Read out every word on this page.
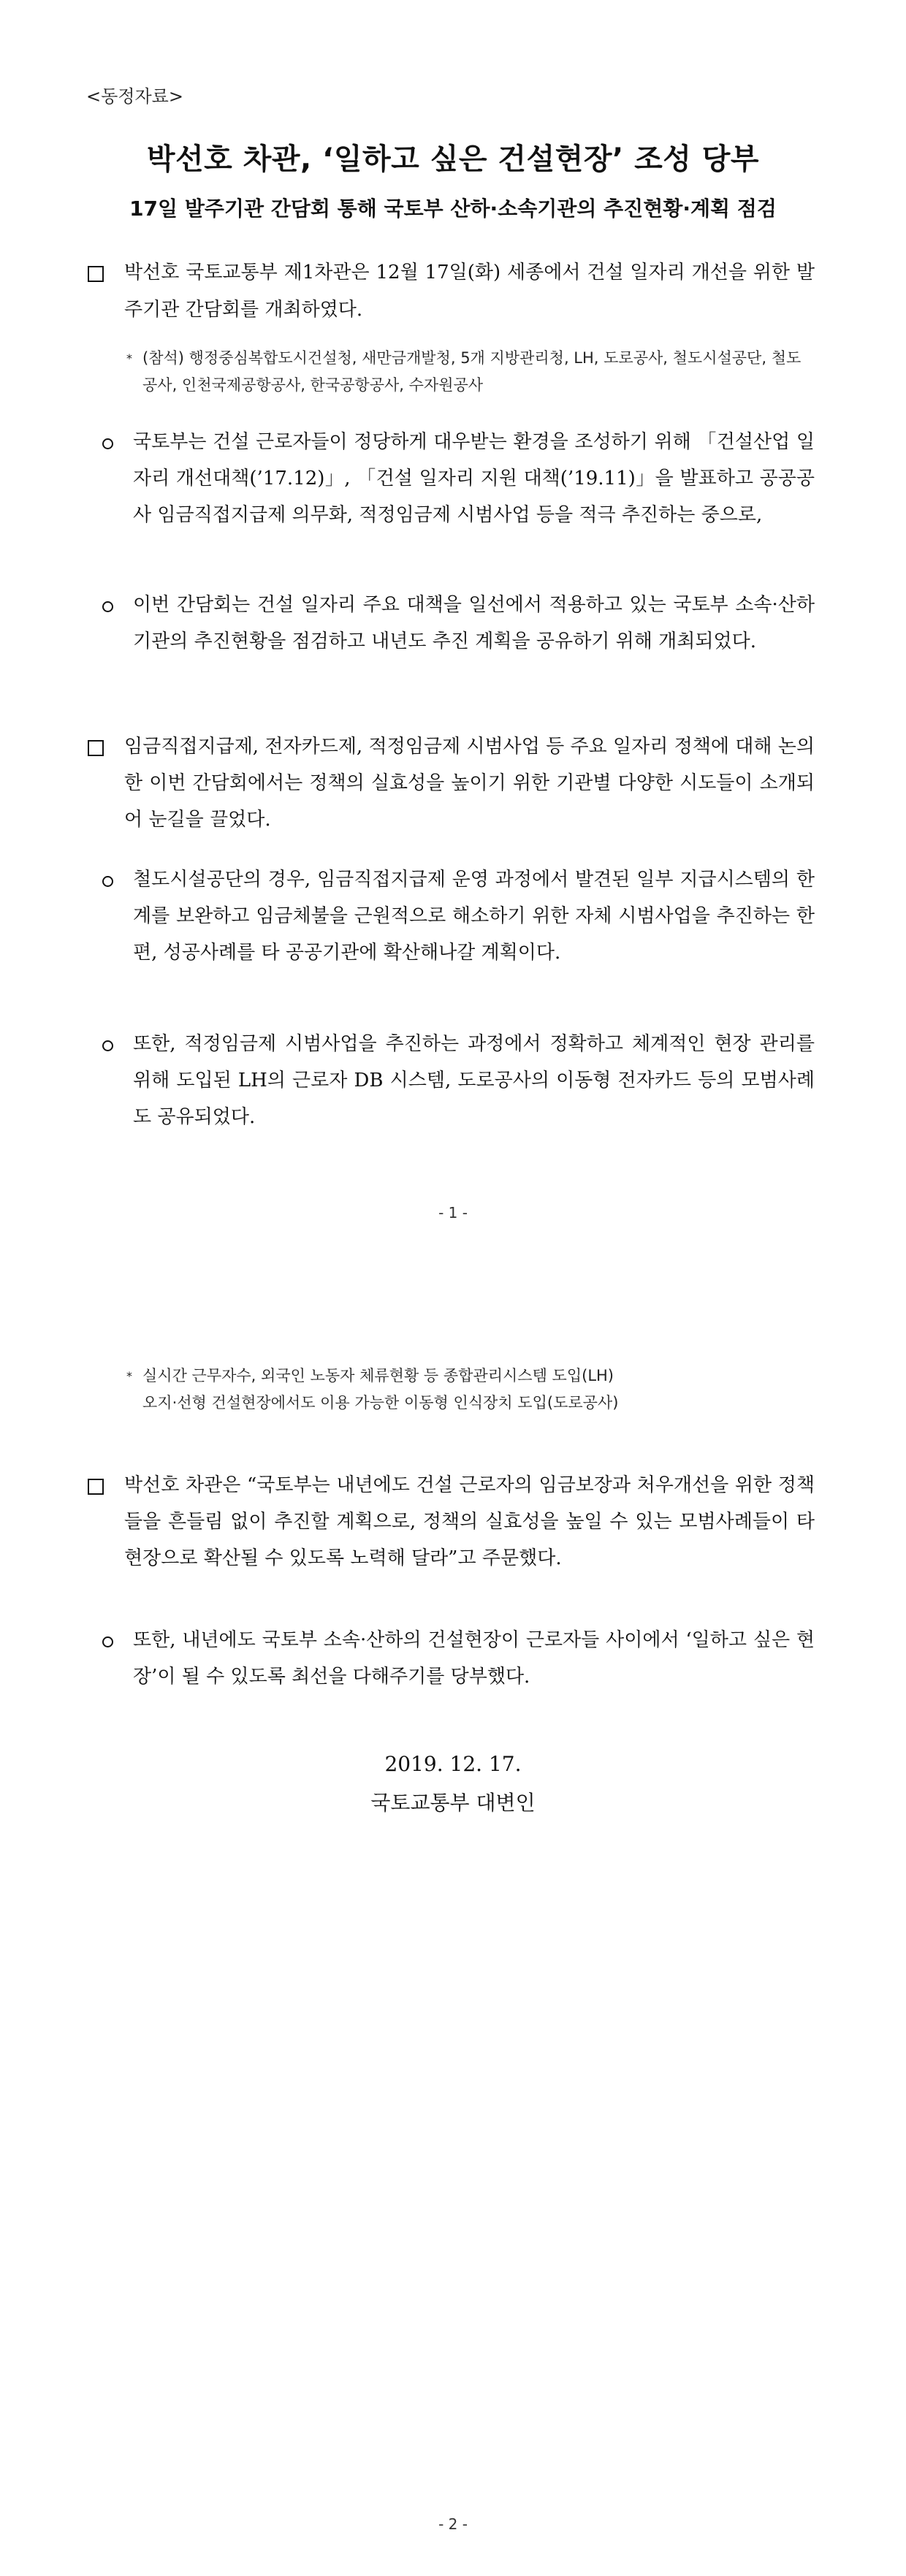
<동정자료>
박선호 차관, ‘일하고 싶은 건설현장’ 조성 당부
17일 발주기관 간담회 통해 국토부 산하·소속기관의 추진현황·계획 점검

박선호 국토교통부 제1차관은 12월 17일(화) 세종에서 건설 일자리 개선을 위한 발주기관 간담회를 개최하였다.

* (참석) 행정중심복합도시건설청, 새만금개발청, 5개 지방관리청, LH, 도로공사, 철도시설공단, 철도공사, 인천국제공항공사, 한국공항공사, 수자원공사

국토부는 건설 근로자들이 정당하게 대우받는 환경을 조성하기 위해 「건설산업 일자리 개선대책(’17.12)」, 「건설 일자리 지원 대책(’19.11)」을 발표하고 공공공사 임금직접지급제 의무화, 적정임금제 시범사업 등을 적극 추진하는 중으로,

이번 간담회는 건설 일자리 주요 대책을 일선에서 적용하고 있는 국토부 소속·산하기관의 추진현황을 점검하고 내년도 추진 계획을 공유하기 위해 개최되었다.

임금직접지급제, 전자카드제, 적정임금제 시범사업 등 주요 일자리 정책에 대해 논의한 이번 간담회에서는 정책의 실효성을 높이기 위한 기관별 다양한 시도들이 소개되어 눈길을 끌었다.

철도시설공단의 경우, 임금직접지급제 운영 과정에서 발견된 일부 지급시스템의 한계를 보완하고 임금체불을 근원적으로 해소하기 위한 자체 시범사업을 추진하는 한편, 성공사례를 타 공공기관에 확산해나갈 계획이다.

또한, 적정임금제 시범사업을 추진하는 과정에서 정확하고 체계적인 현장 관리를 위해 도입된 LH의 근로자 DB 시스템, 도로공사의 이동형 전자카드 등의 모범사례도 공유되었다.

- 1 -
* 실시간 근무자수, 외국인 노동자 체류현황 등 종합관리시스템 도입(LH)
오지·선형 건설현장에서도 이용 가능한 이동형 인식장치 도입(도로공사)

박선호 차관은 “국토부는 내년에도 건설 근로자의 임금보장과 처우개선을 위한 정책들을 흔들림 없이 추진할 계획으로, 정책의 실효성을 높일 수 있는 모범사례들이 타 현장으로 확산될 수 있도록 노력해 달라”고 주문했다.

또한, 내년에도 국토부 소속·산하의 건설현장이 근로자들 사이에서 ‘일하고 싶은 현장’이 될 수 있도록 최선을 다해주기를 당부했다.

2019. 12. 17.
국토교통부 대변인
- 2 -
